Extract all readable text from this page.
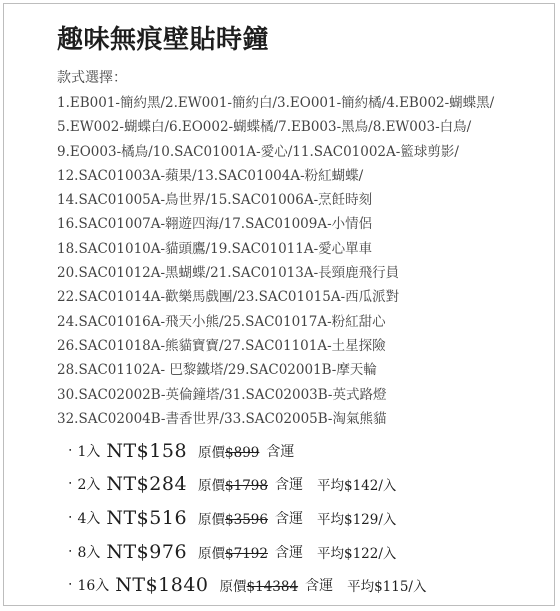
趣味無痕壁貼時鐘
款式選擇：
1.EB001-簡約黑/2.EW001-簡約白/3.EO001-簡約橘/4.EB002-蝴蝶黑/
5.EW002-蝴蝶白/6.EO002-蝴蝶橘/7.EB003-黑鳥/8.EW003-白鳥/
9.EO003-橘鳥/10.SAC01001A-愛心/11.SAC01002A-籃球剪影/
12.SAC01003A-蘋果/13.SAC01004A-粉紅蝴蝶/
14.SAC01005A-鳥世界/15.SAC01006A-烹飪時刻
16.SAC01007A-翱遊四海/17.SAC01009A-小情侶
18.SAC01010A-貓頭鷹/19.SAC01011A-愛心單車
20.SAC01012A-黑蝴蝶/21.SAC01013A-長頸鹿飛行員
22.SAC01014A-歡樂馬戲團/23.SAC01015A-西瓜派對
24.SAC01016A-飛天小熊/25.SAC01017A-粉紅甜心
26.SAC01018A-熊貓寶寶/27.SAC01101A-土星探險
28.SAC01102A- 巴黎鐵塔/29.SAC02001B-摩天輪
30.SAC02002B-英倫鐘塔/31.SAC02003B-英式路燈
32.SAC02004B-書香世界/33.SAC02005B-淘氣熊貓
‧ 1入 NT$158 原價$899 含運
‧ 2入 NT$284 原價$1798 含運 平均$142/入
‧ 4入 NT$516 原價$3596 含運 平均$129/入
‧ 8入 NT$976 原價$7192 含運 平均$122/入
‧ 16入 NT$1840 原價$14384 含運 平均$115/入
